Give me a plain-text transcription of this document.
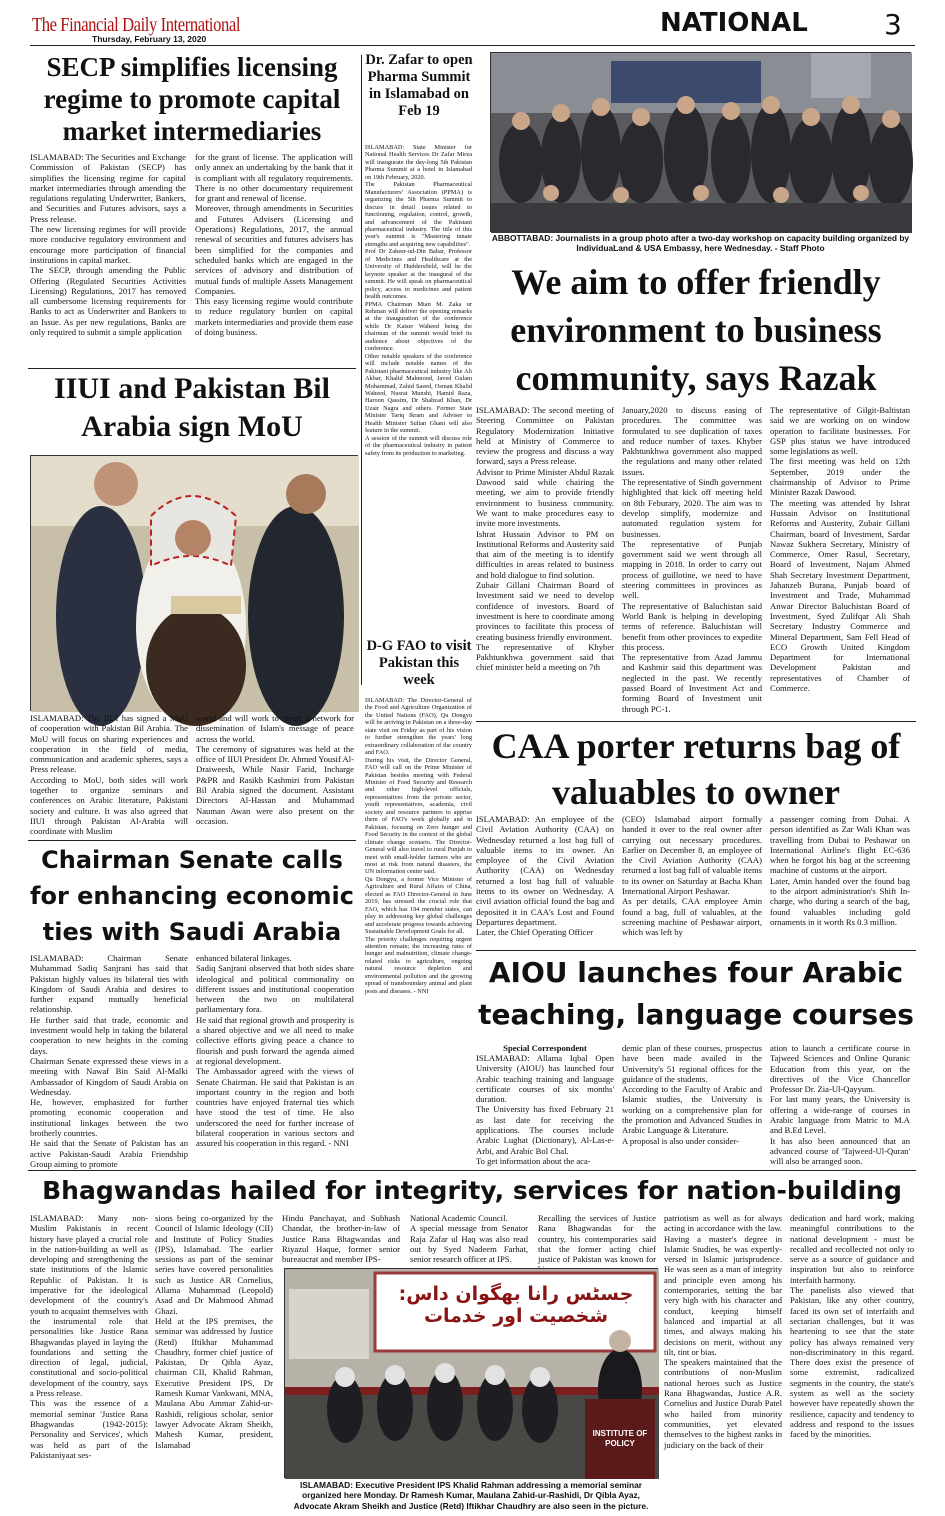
The Financial Daily International
Thursday, February 13, 2020
NATIONAL	3
SECP simplifies licensing regime to promote capital market intermediaries
ISLAMABAD: The Securities and Exchange Commission of Pakistan (SECP) has simplifies the licensing regime for capital market intermediaries through amending the regulations regulating Underwriter, Bankers, and Securities and Futures advisors, says a Press release.
The new licensing regimes for will provide more conducive regulatory environment and encourage more participation of financial institutions in capital market.
The SECP, through amending the Public Offering (Regulated Securities Activities Licensing) Regulations, 2017 has removed all cumbersome licensing requirements for Banks to act as Underwriter and Bankers to an Issue. As per new regulations, Banks are only required to submit a simple application
for the grant of license. The application will only annex an undertaking by the bank that it is compliant with all regulatory requirements. There is no other documentary requirement for grant and renewal of license.
Moreover, through amendments in Securities and Futures Advisers (Licensing and Operations) Regulations, 2017, the annual renewal of securities and futures advisers has been simplified for the companies and scheduled banks which are engaged in the services of advisory and distribution of mutual funds of multiple Assets Management Companies.
This easy licensing regime would contribute to reduce regulatory burden on capital markets intermediaries and provide them ease of doing business.
Dr. Zafar to open Pharma Summit in Islamabad on Feb 19
ISLAMABAD: State Minister for National Health Services Dr Zafar Mirza will inaugurate the day-long 5th Pakistan Pharma Summit at a hotel in Islamabad on 19th February, 2020.
The Pakistan Pharmaceutical Manufacturers' Association (PPMA) is organizing the 5th Pharma Summit to discuss in detail issues related to functioning, regulation, control, growth, and advancement of the Pakistani pharmaceutical industry. The title of this year's summit is "Mastering innate strengths and acquiring new capabilities".
Prof Dr Zaheer-ud-Din Babar, Professor of Medicines and Healthcare at the University of Huddersfield, will be the keynote speaker at the inaugural of the summit. He will speak on pharmaceutical policy, access to medicines and patient health outcomes.
PPMA Chairman Mian M. Zaka ur Rehman will deliver the opening remarks at the inauguration of the conference while Dr Kaiser Waheed being the chairman of the summit would brief its audience about objectives of the conference.
Other notable speakers of the conference will include notable names of the Pakistani pharmaceutical industry like Ali Akbar, Khalid Mahmood, Javed Gulam Mohammad, Zahid Saeed, Osman Khalid Waheed, Nusrat Munshi, Hamid Raza, Haroon Qassim, Dr Shahzad Khan, Dr Uzair Nagra and others. Former State Minister Tariq Ikram and Adviser to Health Minister Sultan Ghani will also feature in the summit.
A session of the summit will discuss role of the pharmaceutical industry in patient safety from its production to marketing.
D-G FAO to visit Pakistan this week
ISLAMABAD: The Director-General of the Food and Agriculture Organization of the United Nations (FAO), Qu Dongyu will be arriving in Pakistan on a three-day state visit on Friday as part of his vision to further strengthen the years' long extraordinary collaboration of the country and FAO.
During his visit, the Director General, FAO will call on the Prime Minister of Pakistan besides meeting with Federal Minister of Food Security and Research and other high-level officials, representatives from the private sector, youth representatives, academia, civil society and resource partners to apprise them of FAO's work globally and in Pakistan, focusing on Zero hunger and Food Security in the context of the global climate change scenario. The Director-General will also travel to rural Punjab to meet with small-holder farmers who are most at risk from natural disasters, the UN information center said.
Qu Dongyu, a former Vice Minister of Agriculture and Rural Affairs of China, elected as FAO Director-General in June 2019, has stressed the crucial role that FAO, which has 194 member states, can play in addressing key global challenges and accelerate progress towards achieving Sustainable Development Goals for all.
The priority challenges requiring urgent attention remain; the increasing rates of hunger and malnutrition, climate change-related risks to agriculture, ongoing natural resource depletion and environmental pollution and the growing spread of transboundary animal and plant pests and diseases. - NNI
ABBOTTABAD: Journalists in a group photo after a two-day workshop on capacity building organized by IndividuaLand & USA Embassy, here Wednesday. - Staff Photo
We aim to offer friendly environment to business community, says Razak
ISLAMABAD: The second meeting of Steering Committee on Pakistan Regulatory Modernization Initiative held at Ministry of Commerce to review the progress and discuss a way forward, says a Press release.
Advisor to Prime Minister Abdul Razak Dawood said while chairing the meeting, we aim to provide friendly environment to business community. We want to make procedures easy to invite more investments.
Ishrat Hussain Advisor to PM on Institutional Reforms and Austerity said that aim of the meeting is to identify difficulties in areas related to business and hold dialogue to find solution.
Zubair Gillani Chairman Board of Investment said we need to develop confidence of investors. Board of investment is here to coordinate among provinces to facilitate this process of creating business friendly environment.
The representative of Khyber Pakhtunkhwa government said that chief minister held a meeting on 7th
January,2020 to discuss easing of procedures. The committee was formulated to see duplication of taxes and reduce number of taxes. Khyber Pakhtunkhwa government also mapped the regulations and many other related issues.
The representative of Sindh government highlighted that kick off meeting held on 8th Feburary, 2020. The aim was to develop simplify, modernize and automated regulation system for businesses.
The representative of Punjab government said we went through all mapping in 2018. In order to carry out process of guillotine, we need to have steering committees in provinces as well.
The representative of Baluchistan said World Bank is helping in developing terms of reference. Baluchistan will benefit from other provinces to expedite this process.
The representative from Azad Jammu and Kashmir said this department was neglected in the past. We recently passed Board of Investment Act and forming Board of Investment unit through PC-1.
The representative of Gilgit-Baltistan said we are working on on window operation to facilitate businesses. For GSP plus status we have introduced some legislations as well.
The first meeting was held on 12th September, 2019 under the chairmanship of Advisor to Prime Minister Razak Dawood.
The meeting was attended by Ishrat Hussain Advisor on Institutional Reforms and Austerity, Zubair Gillani Chairman, board of Investment, Sardar Nawaz Sukhera Secretary, Ministry of Commerce, Omer Rasul, Secretary, Board of Investment, Najam Ahmed Shah Secretary Investment Department, Jahanzeb Burana, Punjab board of Investment and Trade, Muhammad Anwar Director Baluchistan Board of Investment, Syed Zulifqar Ali Shah Secretary Industry Commerce and Mineral Department, Sam Fell Head of ECO Growth United Kingdom Department for International Development Pakistan and representatives of Chamber of Commerce.
IIUI and Pakistan Bil Arabia sign MoU
ISLAMABAD: The IIUI has signed a MoU of cooperation with Pakistan Bil Arabia. The MoU will focus on sharing experiences and cooperation in the field of media, communication and academic spheres, says a Press release.
According to MoU, both sides will work together to organize seminars and conferences on Arabic literature, Pakistani society and culture. It was also agreed that IIUI through Pakistan Al-Arabia will coordinate with Muslim
world and will work to create a network for dissemination of Islam's message of peace across the world.
The ceremony of signatures was held at the office of IIUI President Dr. Ahmed Yousif Al-Draiweesh, While Nasir Farid, Incharge P&PR and Rasikh Kashmiri from Pakistan Bil Arabia signed the document. Assistant Directors Al-Hassan and Muhammad Nauman Awan were also present on the occasion.
CAA porter returns bag of valuables to owner
ISLAMABAD: An employee of the Civil Aviation Authority (CAA) on Wednesday returned a lost bag full of valuable items to its owner. An employee of the Civil Aviation Authority (CAA) on Wednesday returned a lost bag full of valuable items to its owner on Wednesday. A civil aviation official found the bag and deposited it in CAA's Lost and Found Departures department.
Later, the Chief Operating Officer
(CEO) Islamabad airport formally handed it over to the real owner after carrying out necessary procedures. Earlier on December 8, an employee of the Civil Aviation Authority (CAA) returned a lost bag full of valuable items to its owner on Saturday at Bacha Khan International Airport Peshawar.
As per details, CAA employee Amin found a bag, full of valuables, at the screening machine of Peshawar airport, which was left by
a passenger coming from Dubai. A person identified as Zar Wali Khan was travelling from Dubai to Peshawar on International Airline's flight EC-636 when he forgot his bag at the screening machine of customs at the airport.
Later, Amin handed over the found bag to the airport administration's Shift In-charge, who during a search of the bag, found valuables including gold ornaments in it worth Rs 0.3 million.
Chairman Senate calls for enhancing economic ties with Saudi Arabia
ISLAMABAD: Chairman Senate Muhammad Sadiq Sanjrani has said that Pakistan highly values its bilateral ties with Kingdom of Saudi Arabia and desires to further expand mutually beneficial relationship.
He further said that trade, economic and investment would help in taking the bilateral cooperation to new heights in the coming days.
Chairman Senate expressed these views in a meeting with Nawaf Bin Said Al-Malki Ambassador of Kingdom of Saudi Arabia on Wednesday.
He, however, emphasized for further promoting economic cooperation and institutional linkages between the two brotherly countries.
He said that the Senate of Pakistan has an active Pakistan-Saudi Arabia Friendship Group aiming to promote
enhanced bilateral linkages.
Sadiq Sanjrani observed that both sides share ideological and political commonality on different issues and institutional cooperation between the two on multilateral parliamentary fora.
He said that regional growth and prosperity is a shared objective and we all need to make collective efforts giving peace a chance to flourish and push forward the agenda aimed at regional development.
The Ambassador agreed with the views of Senate Chairman. He said that Pakistan is an important country in the region and both countries have enjoyed fraternal ties which have stood the test of time. He also underscored the need for further increase of bilateral cooperation in various sectors and assured his cooperation in this regard. - NNI
AIOU launches four Arabic teaching, language courses
Special Correspondent
ISLAMABAD: Allama Iqbal Open University (AIOU) has launched four Arabic teaching training and language certificate courses of six months' duration.
The University has fixed February 21 as last date for receiving the applications. The courses include Arabic Lughat (Dictionary), Al-Las-e-Arbi, and Arabic Bol Chal.
To get information about the aca-
demic plan of these courses, prospectus have been made availed in the University's 51 regional offices for the guidance of the students.
According to the Faculty of Arabic and Islamic studies, the University is working on a comprehensive plan for the promotion and Advanced Studies in Arabic Language & Literature.
A proposal is also under consider-
ation to launch a certificate course in Tajweed Sciences and Online Quranic Education from this year, on the directives of the Vice Chancellor Professor Dr. Zia-Ul-Qayyum.
For last many years, the University is offering a wide-range of courses in Arabic language from Matric to M.A and B.Ed Level.
It has also been announced that an advanced course of 'Tajweed-Ul-Quran' will also be arranged soon.
Bhagwandas hailed for integrity, services for nation-building
ISLAMABAD: Many non-Muslim Pakistanis in recent history have played a crucial role in the nation-building as well as developing and strengthening the state institutions of the Islamic Republic of Pakistan. It is imperative for the ideological development of the country's youth to acquaint themselves with the instrumental role that personalities like Justice Rana Bhagwandas played in laying the foundations and setting the direction of legal, judicial, constitutional and socio-political development of the country, says a Press release.
This was the essence of a memorial seminar 'Justice Rana Bhagwandas (1942-2015): Personality and Services', which was held as part of the Pakistaniyaat ses-
sions being co-organized by the Council of Islamic Ideology (CII) and Institute of Policy Studies (IPS), Islamabad. The earlier sessions as part of the seminar series have covered personalities such as Justice AR Cornelius, Allama Muhammad (Leopold) Asad and Dr Mahmood Ahmad Ghazi.
Held at the IPS premises, the seminar was addressed by Justice (Retd) Iftikhar Muhammad Chaudhry, former chief justice of Pakistan, Dr Qibla Ayaz, chairman CII, Khalid Rahman, Executive President IPS, Dr Ramesh Kumar Vankwani, MNA, Maulana Abu Ammar Zahid-ur-Rashidi, religious scholar, senior lawyer Advocate Akram Sheikh, Mahesh Kumar, president, Islamabad
Hindu Panchayat, and Subhash Chandar, the brother-in-law of Justice Rana Bhagwandas and Riyazul Haque, former senior bureaucrat and member IPS-
National Academic Council.
A special message from Senator Raja Zafar ul Haq was also read out by Syed Nadeem Farhat, senior research officer at IPS.
Recalling the services of Justice Rana Bhagwandas for the country, his contemporaries said that the former acting chief justice of Pakistan was known for
patriotism as well as for always acting in accordance with the law. Having a master's degree in Islamic Studies, he was expertly-versed in Islamic jurisprudence. He was seen as a man of integrity and principle even among his contemporaries, setting the bar very high with his character and conduct, keeping himself balanced and impartial at all times, and always making his decisions on merit, without any tilt, tint or bias.
The speakers maintained that the contributions of non-Muslim national heroes such as Justice Rana Bhagwandas, Justice A.R. Cornelius and Justice Durab Patel who hailed from minority communities, yet elevated themselves to the highest ranks in judiciary on the back of their
dedication and hard work, making meaningful contributions to the national development - must be recalled and recollected not only to serve as a source of guidance and inspiration but also to reinforce interfaith harmony.
The panelists also viewed that Pakistan, like any other country, faced its own set of interfaith and sectarian challenges, but it was heartening to see that the state policy has always remained very non-discriminatory in this regard. There does exist the presence of some extremist, radicalized segments in the country, the state's system as well as the society however have repeatedly shown the resilience, capacity and tendency to address and respond to the issues faced by the minorities.
جسٹس رانا بھگوان داس: شخصیت اور خدمات
INSTITUTE OF POLICY
ISLAMABAD: Executive President IPS Khalid Rahman addressing a memorial seminar organized here Monday. Dr Ramesh Kumar, Maulana Zahid-ur-Rashidi, Dr Qibla Ayaz, Advocate Akram Sheikh and Justice (Retd) Iftikhar Chaudhry are also seen in the picture.
